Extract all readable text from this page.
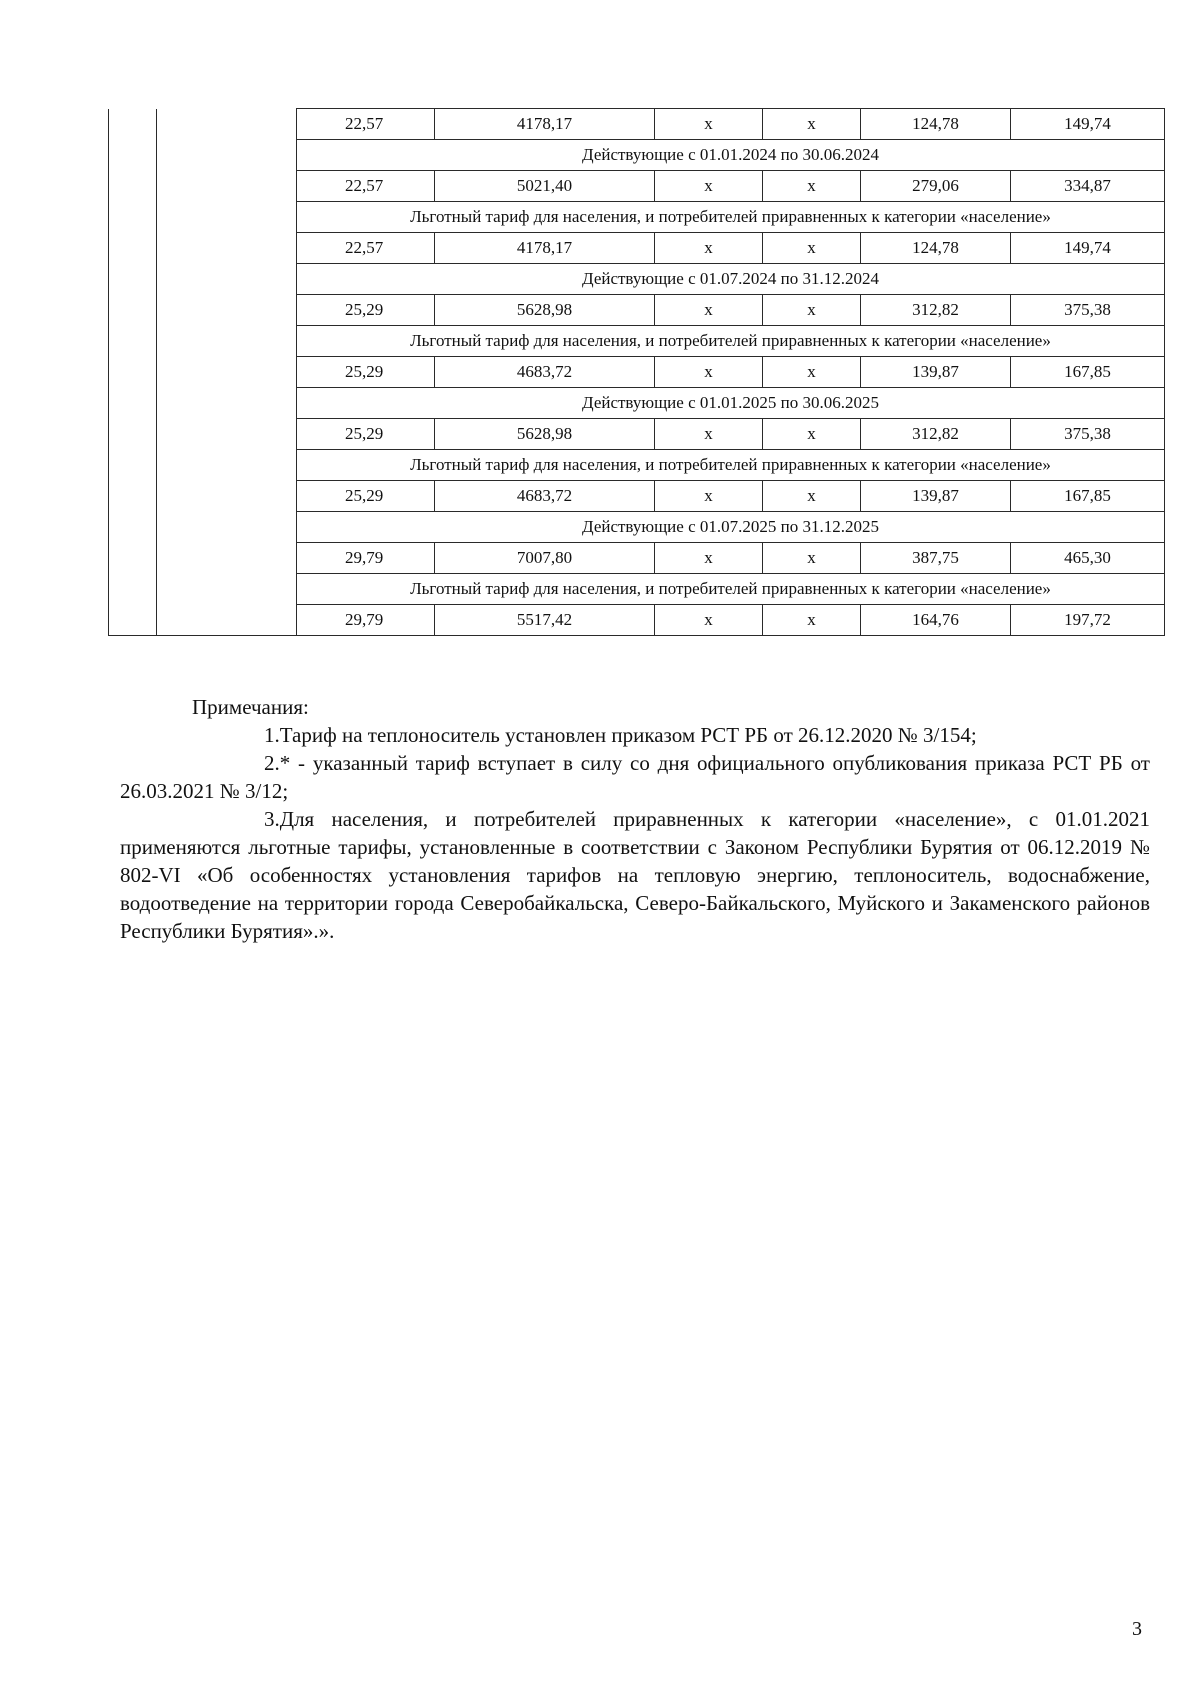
		22,57	4178,17	х	х	124,78	149,74
		Действующие с 01.01.2024 по 30.06.2024					
		22,57	5021,40	х	х	279,06	334,87
		Льготный тариф для населения, и потребителей приравненных к категории «население»					
		22,57	4178,17	х	х	124,78	149,74
		Действующие с 01.07.2024 по 31.12.2024					
		25,29	5628,98	х	х	312,82	375,38
		Льготный тариф для населения, и потребителей приравненных к категории «население»					
		25,29	4683,72	х	х	139,87	167,85
		Действующие с 01.01.2025 по 30.06.2025					
		25,29	5628,98	х	х	312,82	375,38
		Льготный тариф для населения, и потребителей приравненных к категории «население»					
		25,29	4683,72	х	х	139,87	167,85
		Действующие с 01.07.2025 по 31.12.2025					
		29,79	7007,80	х	х	387,75	465,30
		Льготный тариф для населения, и потребителей приравненных к категории «население»					
		29,79	5517,42	х	х	164,76	197,72

Примечания:

1.Тариф на теплоноситель установлен приказом РСТ РБ от 26.12.2020 № 3/154;

2.* - указанный тариф вступает в силу со дня официального опубликования приказа РСТ РБ от 26.03.2021 № 3/12;

3.Для населения, и потребителей приравненных к категории «население», с 01.01.2021 применяются льготные тарифы, установленные в соответствии с Законом Республики Бурятия от 06.12.2019 № 802-VI «Об особенностях установления тарифов на тепловую энергию, теплоноситель, водоснабжение, водоотведение на территории города Северобайкальска, Северо-Байкальского, Муйского и Закаменского районов Республики Бурятия».».

3
